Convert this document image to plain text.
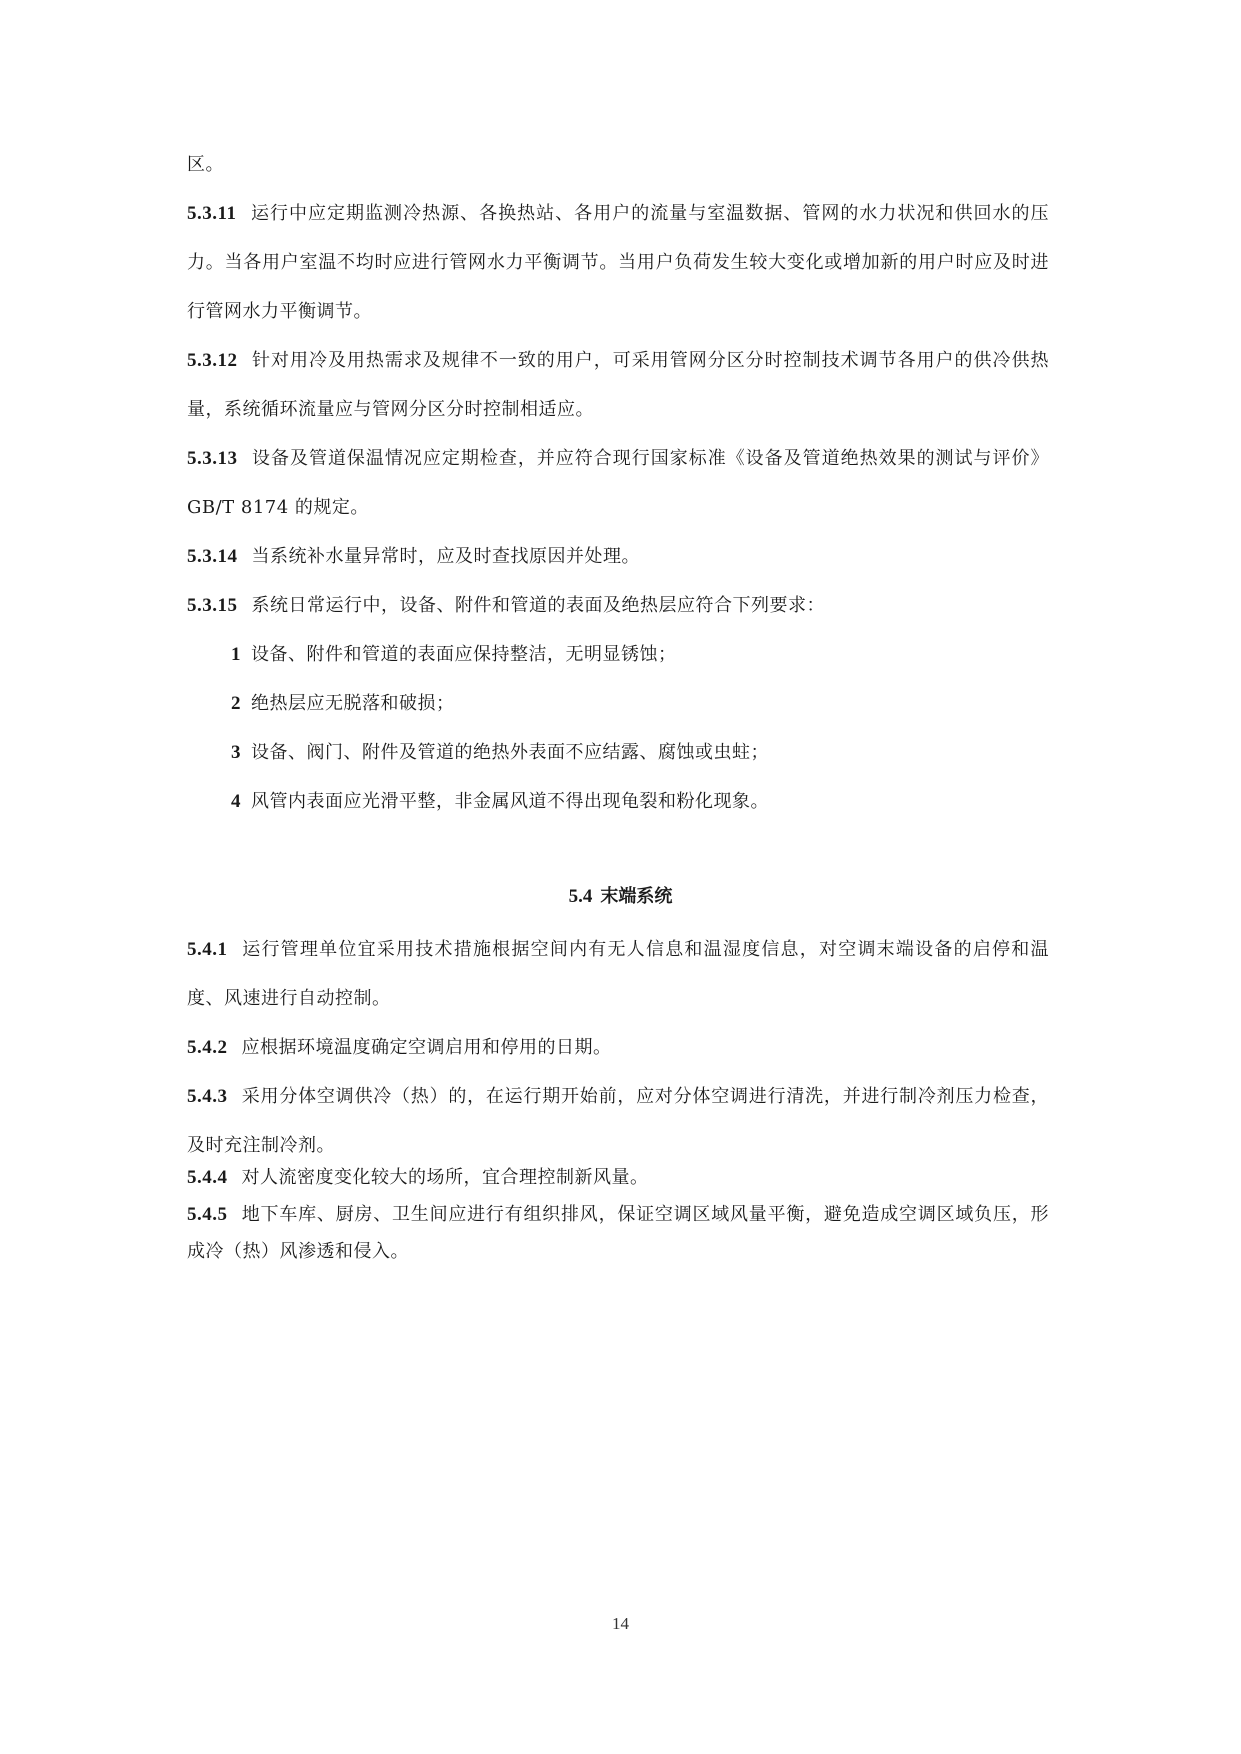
区。

5.3.11 运行中应定期监测冷热源、各换热站、各用户的流量与室温数据、管网的水力状况和供回水的压力。当各用户室温不均时应进行管网水力平衡调节。当用户负荷发生较大变化或增加新的用户时应及时进行管网水力平衡调节。

5.3.12 针对用冷及用热需求及规律不一致的用户，可采用管网分区分时控制技术调节各用户的供冷供热量，系统循环流量应与管网分区分时控制相适应。

5.3.13 设备及管道保温情况应定期检查，并应符合现行国家标准《设备及管道绝热效果的测试与评价》GB/T 8174 的规定。

5.3.14 当系统补水量异常时，应及时查找原因并处理。

5.3.15 系统日常运行中，设备、附件和管道的表面及绝热层应符合下列要求：

1 设备、附件和管道的表面应保持整洁，无明显锈蚀；

2 绝热层应无脱落和破损；

3 设备、阀门、附件及管道的绝热外表面不应结露、腐蚀或虫蛀；

4 风管内表面应光滑平整，非金属风道不得出现龟裂和粉化现象。

5.4 末端系统

5.4.1 运行管理单位宜采用技术措施根据空间内有无人信息和温湿度信息，对空调末端设备的启停和温度、风速进行自动控制。

5.4.2 应根据环境温度确定空调启用和停用的日期。

5.4.3 采用分体空调供冷（热）的，在运行期开始前，应对分体空调进行清洗，并进行制冷剂压力检查，及时充注制冷剂。

5.4.4 对人流密度变化较大的场所，宜合理控制新风量。

5.4.5 地下车库、厨房、卫生间应进行有组织排风，保证空调区域风量平衡，避免造成空调区域负压，形成冷（热）风渗透和侵入。

14
